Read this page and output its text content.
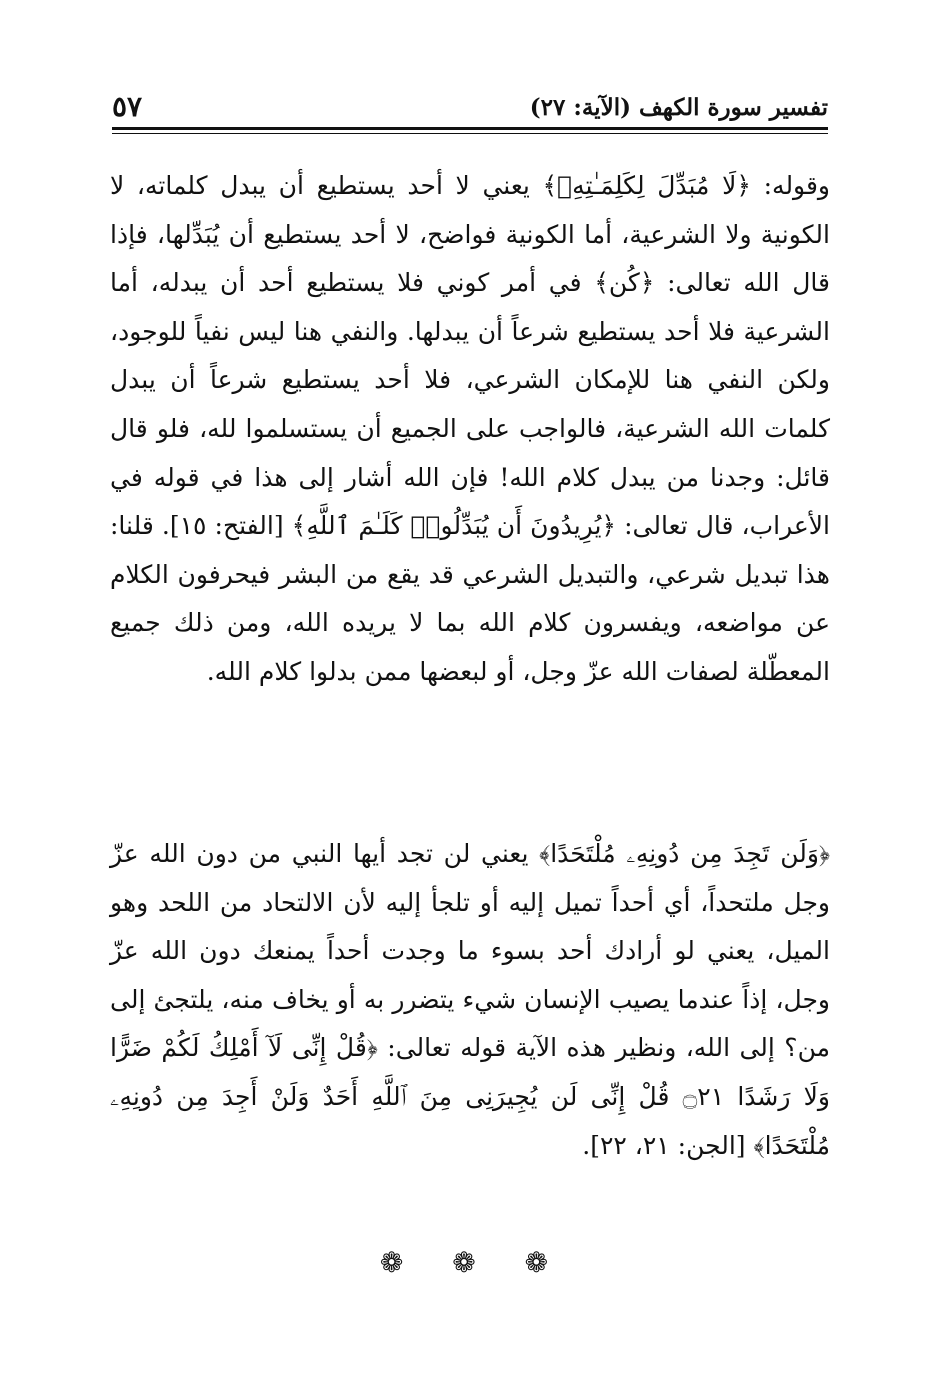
تفسير سورة الكهف (الآية: ٢٧)
٥٧
وقوله: ﴿لَا مُبَدِّلَ لِكَلِمَـٰتِهِۦ﴾ يعني لا أحد يستطيع أن يبدل كلماته، لا الكونية ولا الشرعية، أما الكونية فواضح، لا أحد يستطيع أن يُبَدِّلها، فإذا قال الله تعالى: ﴿كُن﴾ في أمر كوني فلا يستطيع أحد أن يبدله، أما الشرعية فلا أحد يستطيع شرعاً أن يبدلها. والنفي هنا ليس نفياً للوجود، ولكن النفي هنا للإمكان الشرعي، فلا أحد يستطيع شرعاً أن يبدل كلمات الله الشرعية، فالواجب على الجميع أن يستسلموا لله، فلو قال قائل: وجدنا من يبدل كلام الله! فإن الله أشار إلى هذا في قوله في الأعراب، قال تعالى: ﴿يُرِيدُونَ أَن يُبَدِّلُوا۟ كَلَـٰمَ ٱللَّهِ﴾ [الفتح: ١٥]. قلنا: هذا تبديل شرعي، والتبديل الشرعي قد يقع من البشر فيحرفون الكلام عن مواضعه، ويفسرون كلام الله بما لا يريده الله، ومن ذلك جميع المعطّلة لصفات الله عزّ وجل، أو لبعضها ممن بدلوا كلام الله.
﴿وَلَن تَجِدَ مِن دُونِهِۦ مُلْتَحَدًا﴾ يعني لن تجد أيها النبي من دون الله عزّ وجل ملتحداً، أي أحداً تميل إليه أو تلجأ إليه لأن الالتحاد من اللحد وهو الميل، يعني لو أرادك أحد بسوء ما وجدت أحداً يمنعك دون الله عزّ وجل، إذاً عندما يصيب الإنسان شيء يتضرر به أو يخاف منه، يلتجئ إلى من؟ إلى الله، ونظير هذه الآية قوله تعالى: ﴿قُلْ إِنِّى لَآ أَمْلِكُ لَكُمْ ضَرًّا وَلَا رَشَدًا ۝٢١ قُلْ إِنِّى لَن يُجِيرَنِى مِنَ ٱللَّهِ أَحَدٌ وَلَنْ أَجِدَ مِن دُونِهِۦ مُلْتَحَدًا﴾ [الجن: ٢١، ٢٢].
❁ ❁ ❁
